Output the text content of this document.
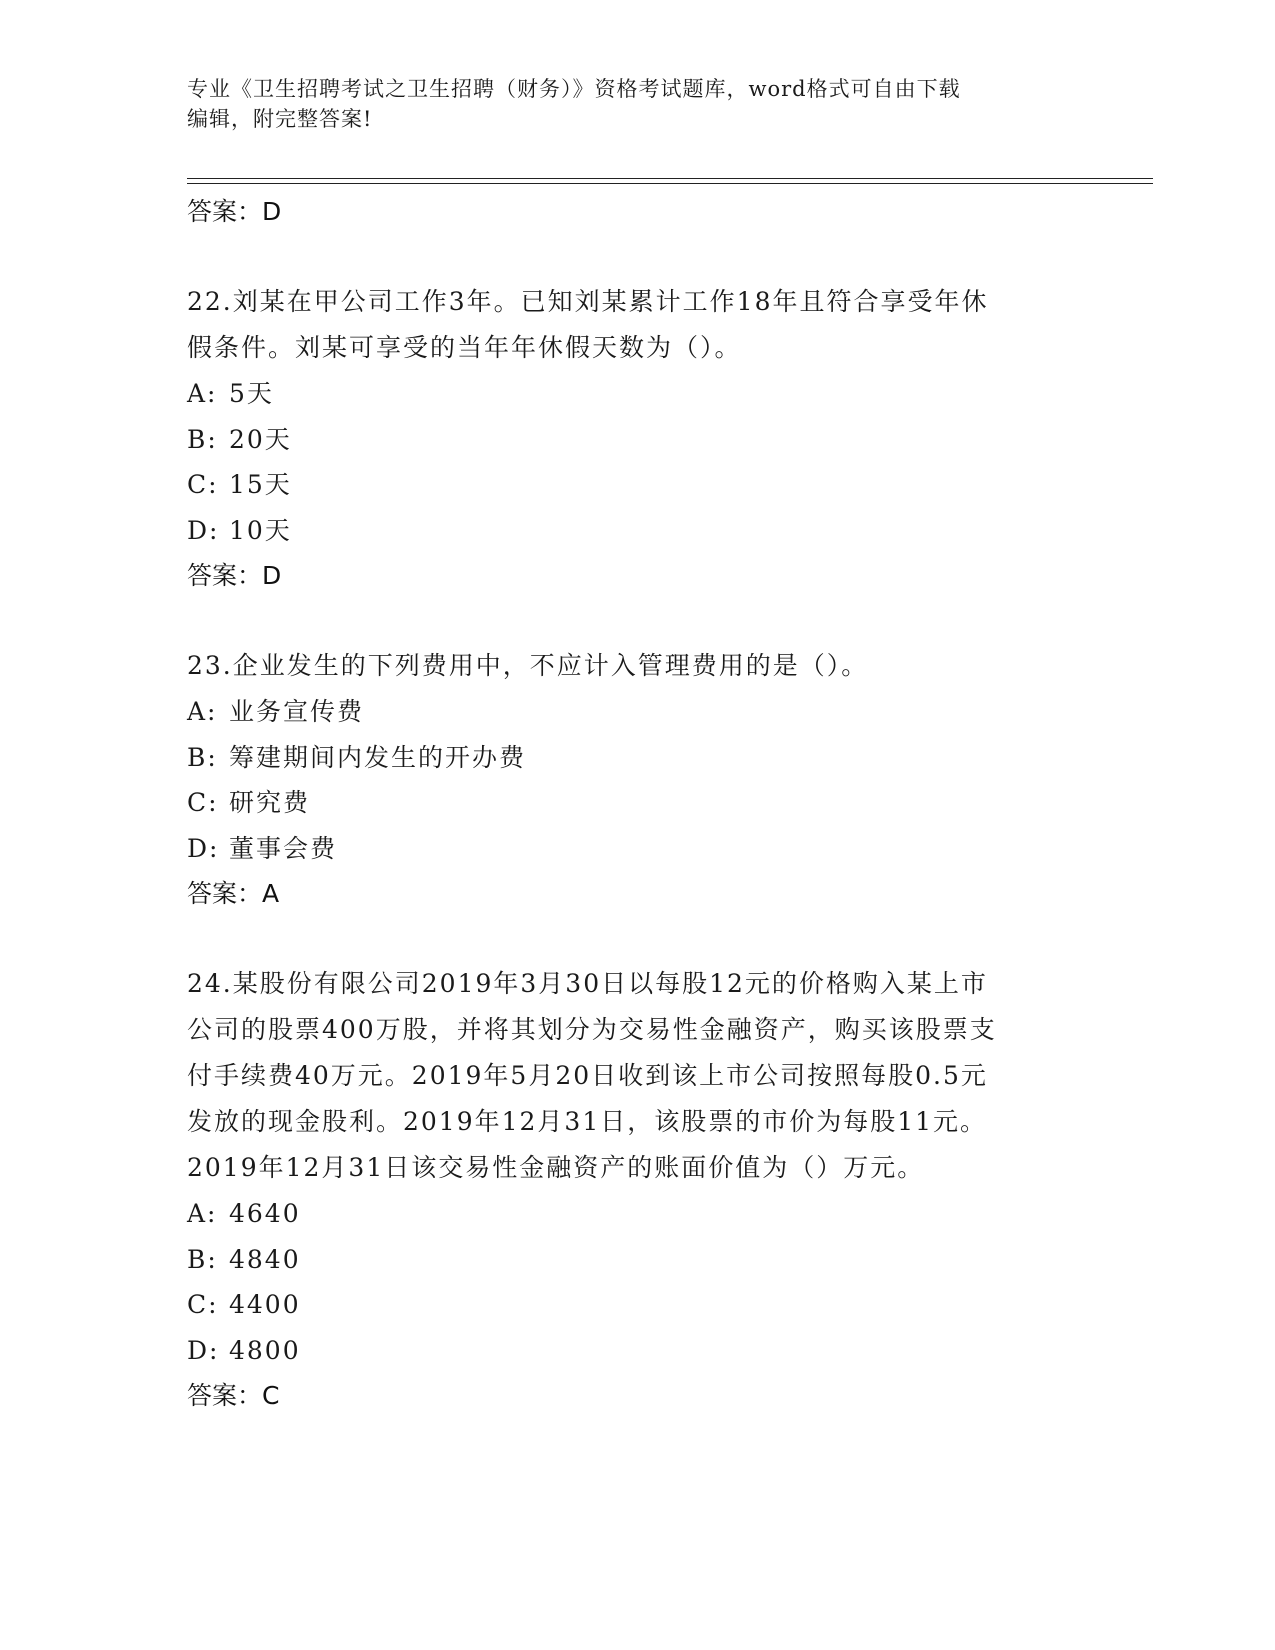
专业《卫生招聘考试之卫生招聘（财务）》资格考试题库，word格式可自由下载
编辑，附完整答案!
答案：D
22.刘某在甲公司工作3年。已知刘某累计工作18年且符合享受年休
假条件。刘某可享受的当年年休假天数为（）。
A: 5天
B: 20天
C: 15天
D: 10天
答案：D
23.企业发生的下列费用中，不应计入管理费用的是（）。
A: 业务宣传费
B: 筹建期间内发生的开办费
C: 研究费
D: 董事会费
答案：A
24.某股份有限公司2019年3月30日以每股12元的价格购入某上市
公司的股票400万股，并将其划分为交易性金融资产，购买该股票支
付手续费40万元。2019年5月20日收到该上市公司按照每股0.5元
发放的现金股利。2019年12月31日，该股票的市价为每股11元。
2019年12月31日该交易性金融资产的账面价值为（）万元。
A: 4640
B: 4840
C: 4400
D: 4800
答案：C
